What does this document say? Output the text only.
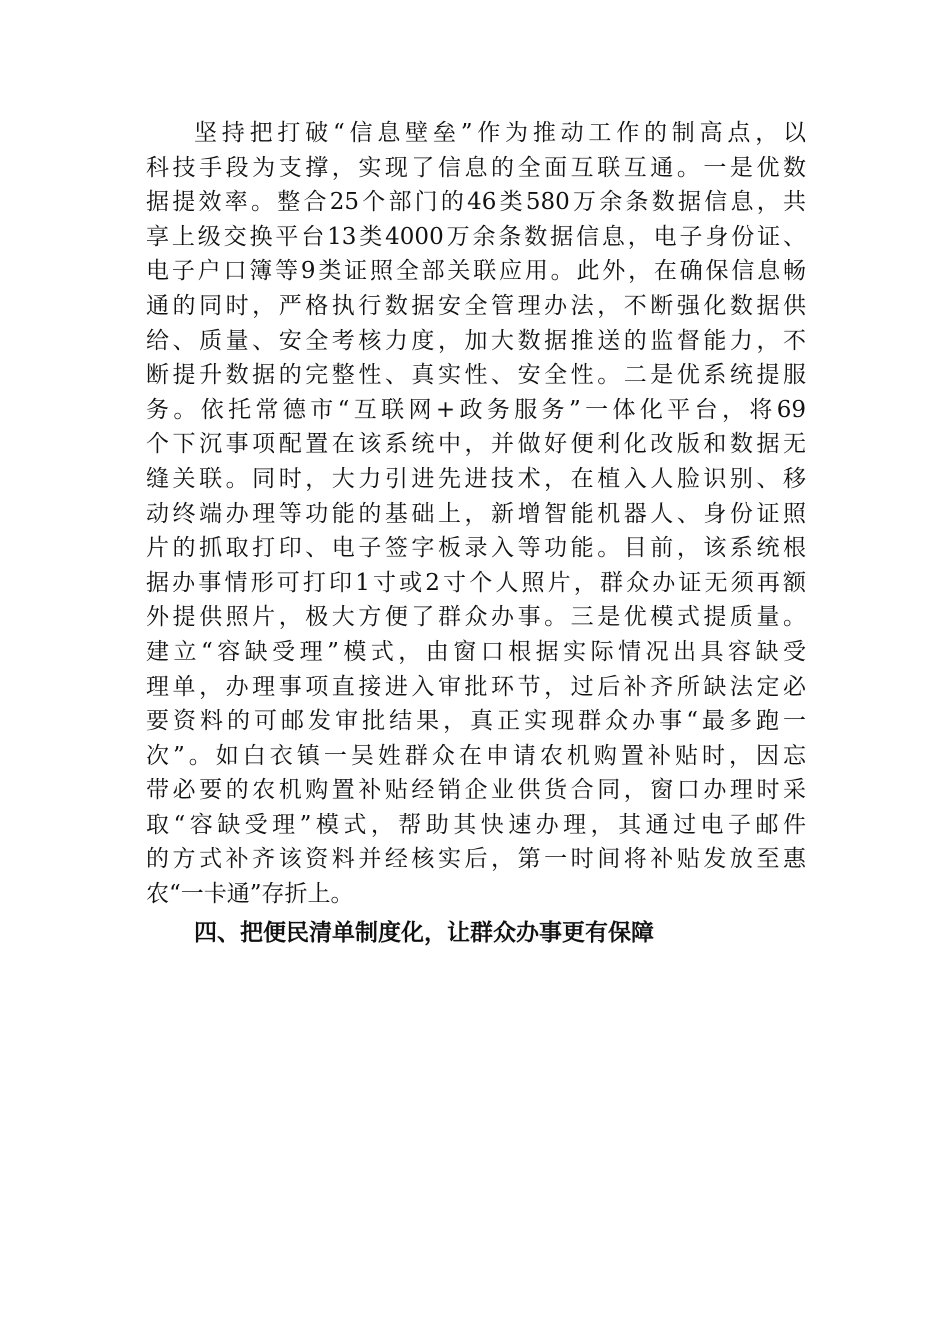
坚持把打破“信息壁垒”作为推动工作的制高点，以
科技手段为支撑，实现了信息的全面互联互通。一是优数
据提效率。整合25个部门的46类580万余条数据信息，共
享上级交换平台13类4000万余条数据信息，电子身份证、
电子户口簿等9类证照全部关联应用。此外，在确保信息畅
通的同时，严格执行数据安全管理办法，不断强化数据供
给、质量、安全考核力度，加大数据推送的监督能力，不
断提升数据的完整性、真实性、安全性。二是优系统提服
务。依托常德市“互联网+政务服务”一体化平台，将69
个下沉事项配置在该系统中，并做好便利化改版和数据无
缝关联。同时，大力引进先进技术，在植入人脸识别、移
动终端办理等功能的基础上，新增智能机器人、身份证照
片的抓取打印、电子签字板录入等功能。目前，该系统根
据办事情形可打印1寸或2寸个人照片，群众办证无须再额
外提供照片，极大方便了群众办事。三是优模式提质量。
建立“容缺受理”模式，由窗口根据实际情况出具容缺受
理单，办理事项直接进入审批环节，过后补齐所缺法定必
要资料的可邮发审批结果，真正实现群众办事“最多跑一
次”。如白衣镇一吴姓群众在申请农机购置补贴时，因忘
带必要的农机购置补贴经销企业供货合同，窗口办理时采
取“容缺受理”模式，帮助其快速办理，其通过电子邮件
的方式补齐该资料并经核实后，第一时间将补贴发放至惠
农“一卡通”存折上。
四、把便民清单制度化，让群众办事更有保障
